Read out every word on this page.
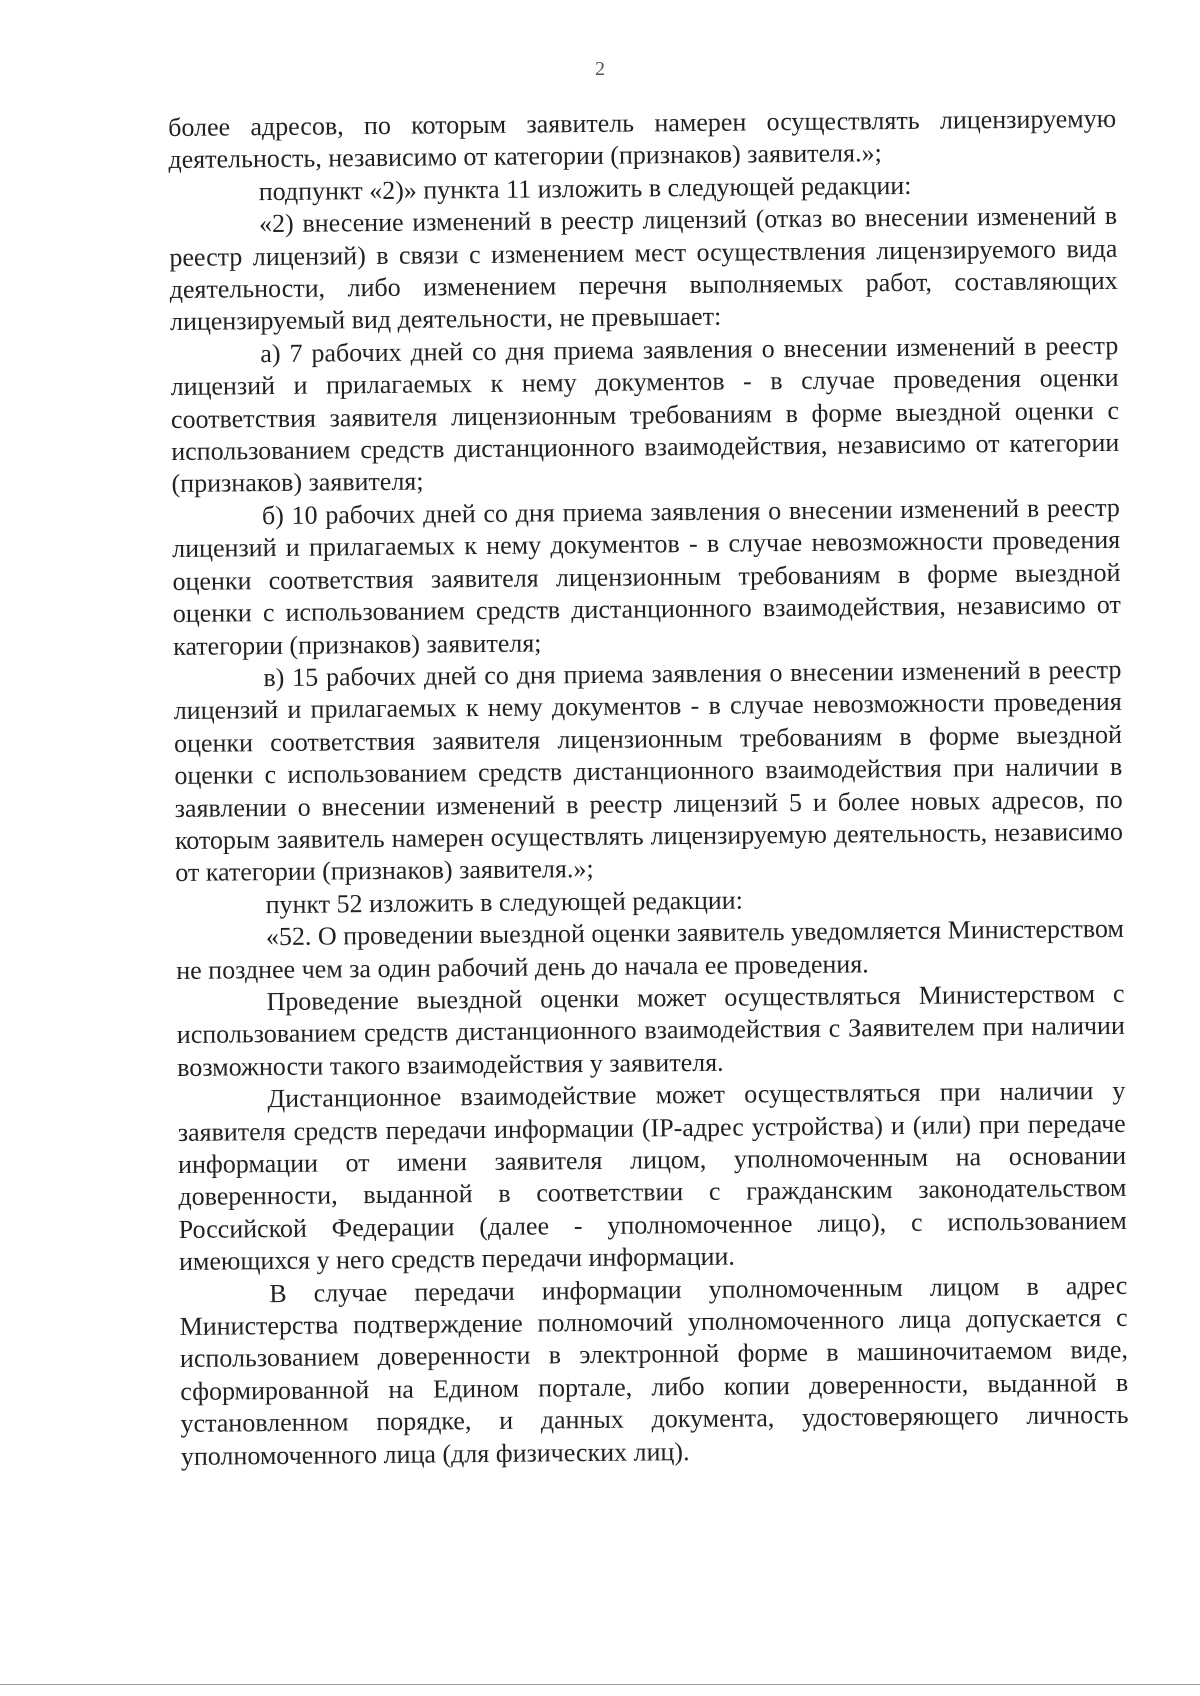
2

более адресов, по которым заявитель намерен осуществлять лицензируемую деятельность, независимо от категории (признаков) заявителя.»;

подпункт «2)» пункта 11 изложить в следующей редакции:

«2) внесение изменений в реестр лицензий (отказ во внесении изменений в реестр лицензий) в связи с изменением мест осуществления лицензируемого вида деятельности, либо изменением перечня выполняемых работ, составляющих лицензируемый вид деятельности, не превышает:

а) 7 рабочих дней со дня приема заявления о внесении изменений в реестр лицензий и прилагаемых к нему документов - в случае проведения оценки соответствия заявителя лицензионным требованиям в форме выездной оценки с использованием средств дистанционного взаимодействия, независимо от категории (признаков) заявителя;

б) 10 рабочих дней со дня приема заявления о внесении изменений в реестр лицензий и прилагаемых к нему документов - в случае невозможности проведения оценки соответствия заявителя лицензионным требованиям в форме выездной оценки с использованием средств дистанционного взаимодействия, независимо от категории (признаков) заявителя;

в) 15 рабочих дней со дня приема заявления о внесении изменений в реестр лицензий и прилагаемых к нему документов - в случае невозможности проведения оценки соответствия заявителя лицензионным требованиям в форме выездной оценки с использованием средств дистанционного взаимодействия при наличии в заявлении о внесении изменений в реестр лицензий 5 и более новых адресов, по которым заявитель намерен осуществлять лицензируемую деятельность, независимо от категории (признаков) заявителя.»;

пункт 52 изложить в следующей редакции:

«52. О проведении выездной оценки заявитель уведомляется Министерством не позднее чем за один рабочий день до начала ее проведения.

Проведение выездной оценки может осуществляться Министерством с использованием средств дистанционного взаимодействия с Заявителем при наличии возможности такого взаимодействия у заявителя.

Дистанционное взаимодействие может осуществляться при наличии у заявителя средств передачи информации (IP-адрес устройства) и (или) при передаче информации от имени заявителя лицом, уполномоченным на основании доверенности, выданной в соответствии с гражданским законодательством Российской Федерации (далее - уполномоченное лицо), с использованием имеющихся у него средств передачи информации.

В случае передачи информации уполномоченным лицом в адрес Министерства подтверждение полномочий уполномоченного лица допускается с использованием доверенности в электронной форме в машиночитаемом виде, сформированной на Едином портале, либо копии доверенности, выданной в установленном порядке, и данных документа, удостоверяющего личность уполномоченного лица (для физических лиц).
